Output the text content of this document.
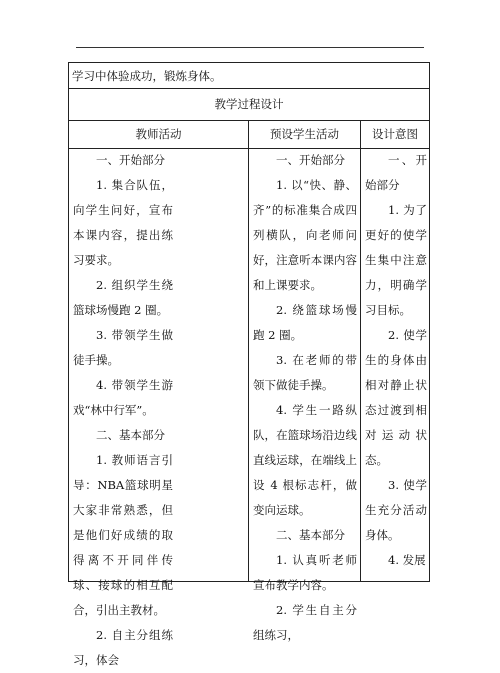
学习中体验成功，锻炼身体。
教学过程设计
教师活动	预设学生活动	设计意图

一、开始部分

1. 集合队伍，向学生问好，宣布本课内容，提出练习要求。

2. 组织学生绕篮球场慢跑 2 圈。

3. 带领学生做徒手操。

4. 带领学生游戏“林中行军”。

二、基本部分

1. 教师语言引导：NBA篮球明星大家非常熟悉，但是他们好成绩的取得离不开同伴传球、接球的相互配合，引出主教材。

2. 自主分组练习，体会

一、开始部分

1. 以“快、静、齐”的标准集合成四列横队，向老师问好，注意听本课内容和上课要求。

2. 绕篮球场慢跑 2 圈。

3. 在老师的带领下做徒手操。

4. 学生一路纵队，在篮球场沿边线直线运球，在端线上设 4 根标志杆，做变向运球。

二、基本部分

1. 认真听老师宣布教学内容。

2. 学生自主分组练习，

一、开始部分

1. 为了更好的使学生集中注意力，明确学习目标。

2. 使学生的身体由相对静止状态过渡到相对运动状态。

3. 使学生充分活动身体。

4. 发展
